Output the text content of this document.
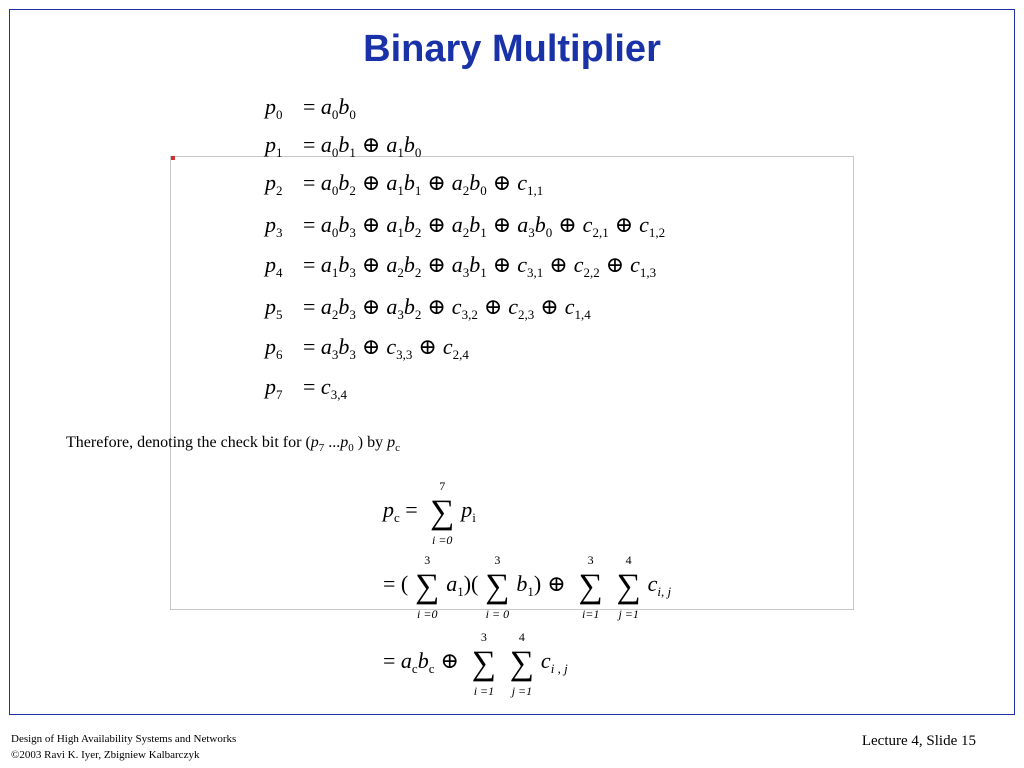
Binary Multiplier
$p_0 = a_0b_0$
$p_1 = a_0b_1$ ⊕ $a_1b_0$
$p_2 = a_0b_2$ ⊕ $a_1b_1$ ⊕ $a_2b_0$ ⊕ $c_{1,1}$
$p_3 = a_0b_3$ ⊕ $a_1b_2$ ⊕ $a_2b_1$ ⊕ $a_3b_0$ ⊕ $c_{2,1}$ ⊕ $c_{1,2}$
$p_4 = a_1b_3$ ⊕ $a_2b_2$ ⊕ $a_3b_1$ ⊕ $c_{3,1}$ ⊕ $c_{2,2}$ ⊕ $c_{1,3}$
$p_5 = a_2b_3$ ⊕ $a_3b_2$ ⊕ $c_{3,2}$ ⊕ $c_{2,3}$ ⊕ $c_{1,4}$
$p_6 = a_3b_3$ ⊕ $c_{3,3}$ ⊕ $c_{2,4}$
$p_7 = c_{3,4}$
Therefore, denoting the check bit for ($p_7$ $...p_0$ ) by $p_c$
$p_c$ = ∑
7
i =0
$p_i$
= ( ∑
3
i =0
$a_1$)( ∑
3
i = 0
$b_1$) ⊕ ∑
3
i=1
∑
4
j =1
$c_{i, j}$
= $a_cb_c$ ⊕ ∑
3
i =1
∑
4
j =1
$c_{i , j}$
Design of High Availability Systems and Networks
©2003 Ravi K. Iyer, Zbigniew Kalbarczyk
Lecture 4, Slide 15
